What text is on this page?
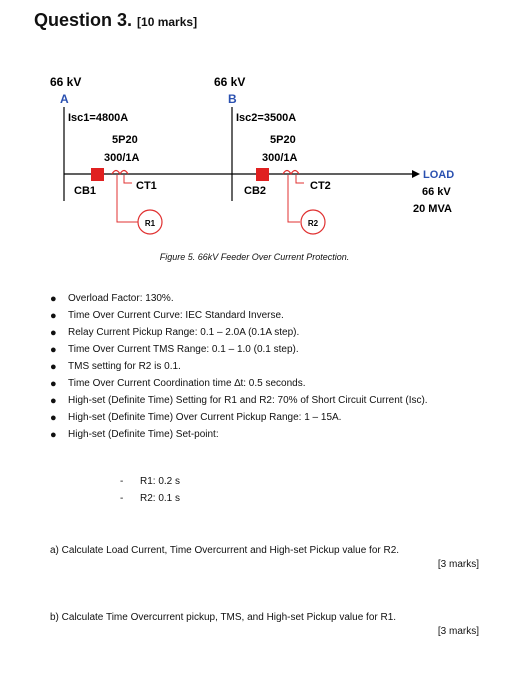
Question 3. [10 marks]
66 kV
A
Isc1=4800A
5P20
300/1A
66 kV
B
Isc2=3500A
5P20
300/1A
CB1	CT1
R1
CB2	CT2
R2
LOAD
66 kV
20 MVA
Figure 5. 66kV Feeder Over Current Protection.
● Overload Factor: 130%.
● Time Over Current Curve: IEC Standard Inverse.
● Relay Current Pickup Range: 0.1 – 2.0A (0.1A step).
● Time Over Current TMS Range: 0.1 – 1.0 (0.1 step).
● TMS setting for R2 is 0.1.
● Time Over Current Coordination time ∆t: 0.5 seconds.
● High-set (Definite Time) Setting for R1 and R2: 70% of Short Circuit Current (Isc).
● High-set (Definite Time) Over Current Pickup Range: 1 – 15A.
● High-set (Definite Time) Set-point:
- R1: 0.2 s
- R2: 0.1 s
a) Calculate Load Current, Time Overcurrent and High-set Pickup value for R2.
[3 marks]
b) Calculate Time Overcurrent pickup, TMS, and High-set Pickup value for R1.
[3 marks]
